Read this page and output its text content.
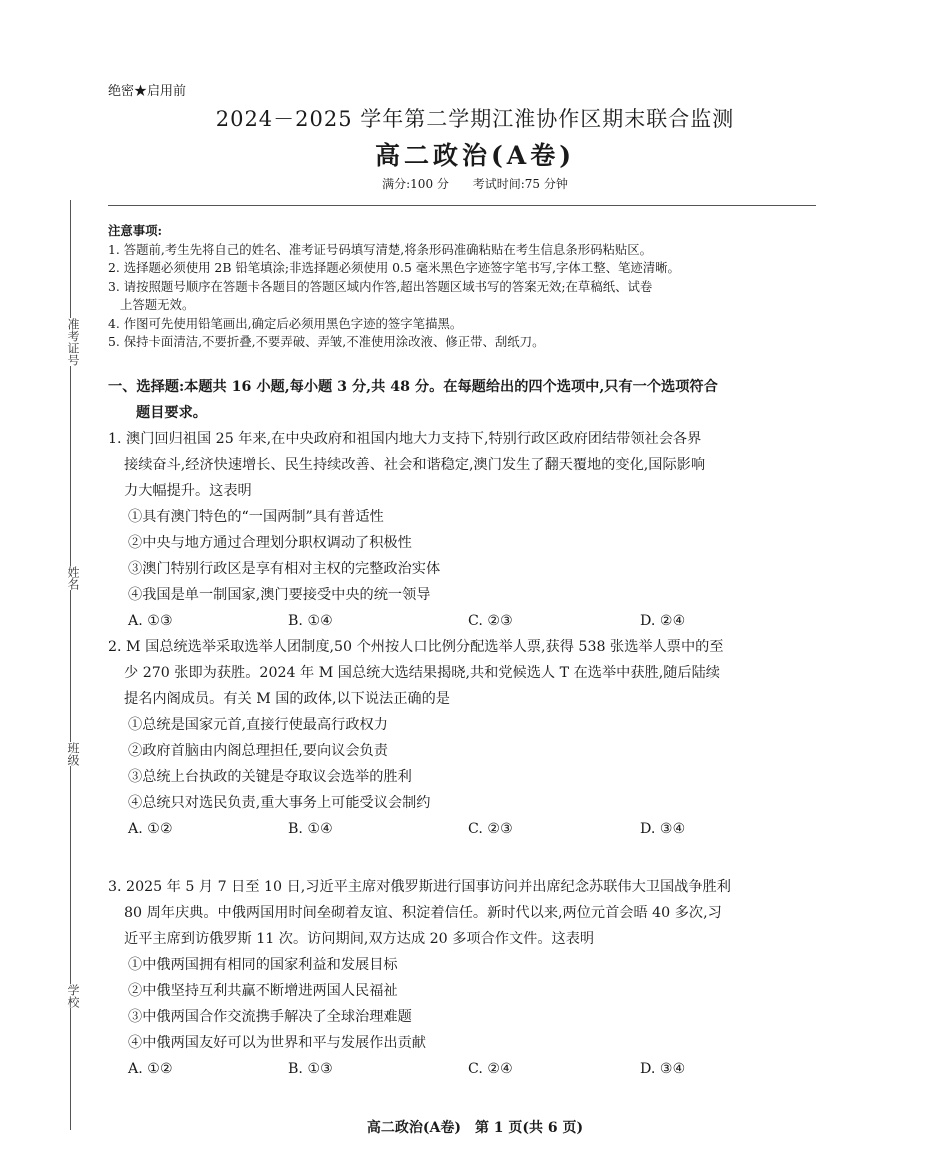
准考证号
姓名
班级
学校
绝密★启用前
2024－2025 学年第二学期江淮协作区期末联合监测
高二政治(A卷)
满分:100 分 考试时间:75 分钟
注意事项:
1. 答题前,考生先将自己的姓名、准考证号码填写清楚,将条形码准确粘贴在考生信息条形码粘贴区。
2. 选择题必须使用 2B 铅笔填涂;非选择题必须使用 0.5 毫米黑色字迹签字笔书写,字体工整、笔迹清晰。
3. 请按照题号顺序在答题卡各题目的答题区域内作答,超出答题区域书写的答案无效;在草稿纸、试卷
上答题无效。
4. 作图可先使用铅笔画出,确定后必须用黑色字迹的签字笔描黑。
5. 保持卡面清洁,不要折叠,不要弄破、弄皱,不准使用涂改液、修正带、刮纸刀。
一、选择题:本题共 16 小题,每小题 3 分,共 48 分。在每题给出的四个选项中,只有一个选项符合
题目要求。
1. 澳门回归祖国 25 年来,在中央政府和祖国内地大力支持下,特别行政区政府团结带领社会各界
接续奋斗,经济快速增长、民生持续改善、社会和谐稳定,澳门发生了翻天覆地的变化,国际影响
力大幅提升。这表明
①具有澳门特色的“一国两制”具有普适性
②中央与地方通过合理划分职权调动了积极性
③澳门特别行政区是享有相对主权的完整政治实体
④我国是单一制国家,澳门要接受中央的统一领导
A. ①③	B. ①④	C. ②③	D. ②④
2. M 国总统选举采取选举人团制度,50 个州按人口比例分配选举人票,获得 538 张选举人票中的至
少 270 张即为获胜。2024 年 M 国总统大选结果揭晓,共和党候选人 T 在选举中获胜,随后陆续
提名内阁成员。有关 M 国的政体,以下说法正确的是
①总统是国家元首,直接行使最高行政权力
②政府首脑由内阁总理担任,要向议会负责
③总统上台执政的关键是夺取议会选举的胜利
④总统只对选民负责,重大事务上可能受议会制约
A. ①②	B. ①④	C. ②③	D. ③④
3. 2025 年 5 月 7 日至 10 日,习近平主席对俄罗斯进行国事访问并出席纪念苏联伟大卫国战争胜利
80 周年庆典。中俄两国用时间垒砌着友谊、积淀着信任。新时代以来,两位元首会晤 40 多次,习
近平主席到访俄罗斯 11 次。访问期间,双方达成 20 多项合作文件。这表明
①中俄两国拥有相同的国家利益和发展目标
②中俄坚持互利共赢不断增进两国人民福祉
③中俄两国合作交流携手解决了全球治理难题
④中俄两国友好可以为世界和平与发展作出贡献
A. ①②	B. ①③	C. ②④	D. ③④
高二政治(A卷)　第 1 页(共 6 页)
